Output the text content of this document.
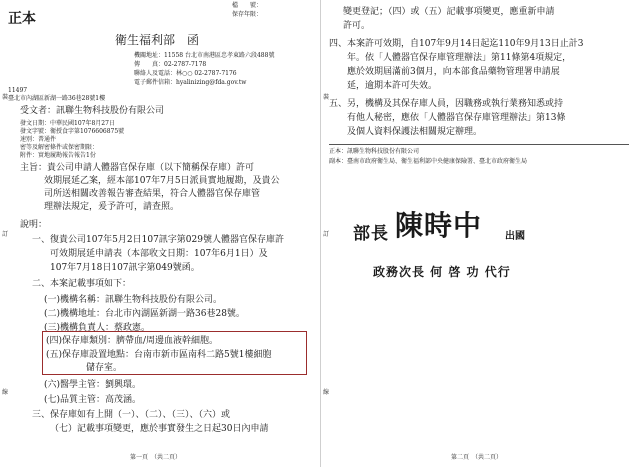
正本
檔　　號：
保存年限：
衛生福利部　函
機關地址：11558 台北市南港區忠孝東路六段488號
傳　　真：02-2787-7178
聯絡人及電話：林○○ 02-2787-7176
電子郵件信箱：hyalinizing@fda.gov.tw
11497
臺北市內湖區新湖一路36巷28號1樓
受文者：訊聯生物科技股份有限公司
發文日期：中華民國107年8月27日
發文字號：衛授食字第1076606875號
速別：普通件
密等及解密條件或保密期限：
附件：實地履勘報告報告1份
主旨：貴公司申請人體器官保存庫（以下簡稱保存庫）許可
效期展延乙案，經本部107年7月5日派員實地履勘，及貴公
司所送相關改善報告審查結果，符合人體器官保存庫管
理辦法規定，爰予許可，請查照。
說明：
一、復貴公司107年5月2日107訊字第029號人體器官保存庫許
可效期展延申請表（本部收文日期：107年6月1日）及
107年7月18日107訊字第049號函。
二、本案記載事項如下：
(一)機構名稱：訊聯生物科技股份有限公司。
(二)機構地址：台北市內湖區新湖一路36巷28號。
(三)機構負責人：蔡政憲。
(四)保存庫類別：臍帶血/周邊血液幹細胞。
(五)保存庫設置地點：台南市新市區南科二路5號1樓細胞
儲存室。
(六)醫學主管：劉興環。
(七)品質主管：高茂涵。
三、保存庫如有上開（一）、（二）、（三）、（六）或
（七）記載事項變更，應於事實發生之日起30日內申請
裝
訂
線
第一頁　（共二頁）
變更登記；（四）或（五）記載事項變更，應重新申請
許可。
四、本案許可效期，自107年9月14日起迄110年9月13日止計3
年。依「人體器官保存庫管理辦法」第11條第4項規定，
應於效期屆滿前3個月，向本部食品藥物管理署申請展
延，逾期本許可失效。
五、另，機構及其保存庫人員，因職務或執行業務知悉或持
有他人秘密，應依「人體器官保存庫管理辦法」第13條
及個人資料保護法相關規定辦理。
正本：訊聯生物科技股份有限公司
副本：臺南市政府衛生局、衛生福利部中央健康保險署、臺北市政府衛生局
部長 陳時中 出國
政務次長 何 啓 功 代行
裝
訂
線
第二頁　（共二頁）
